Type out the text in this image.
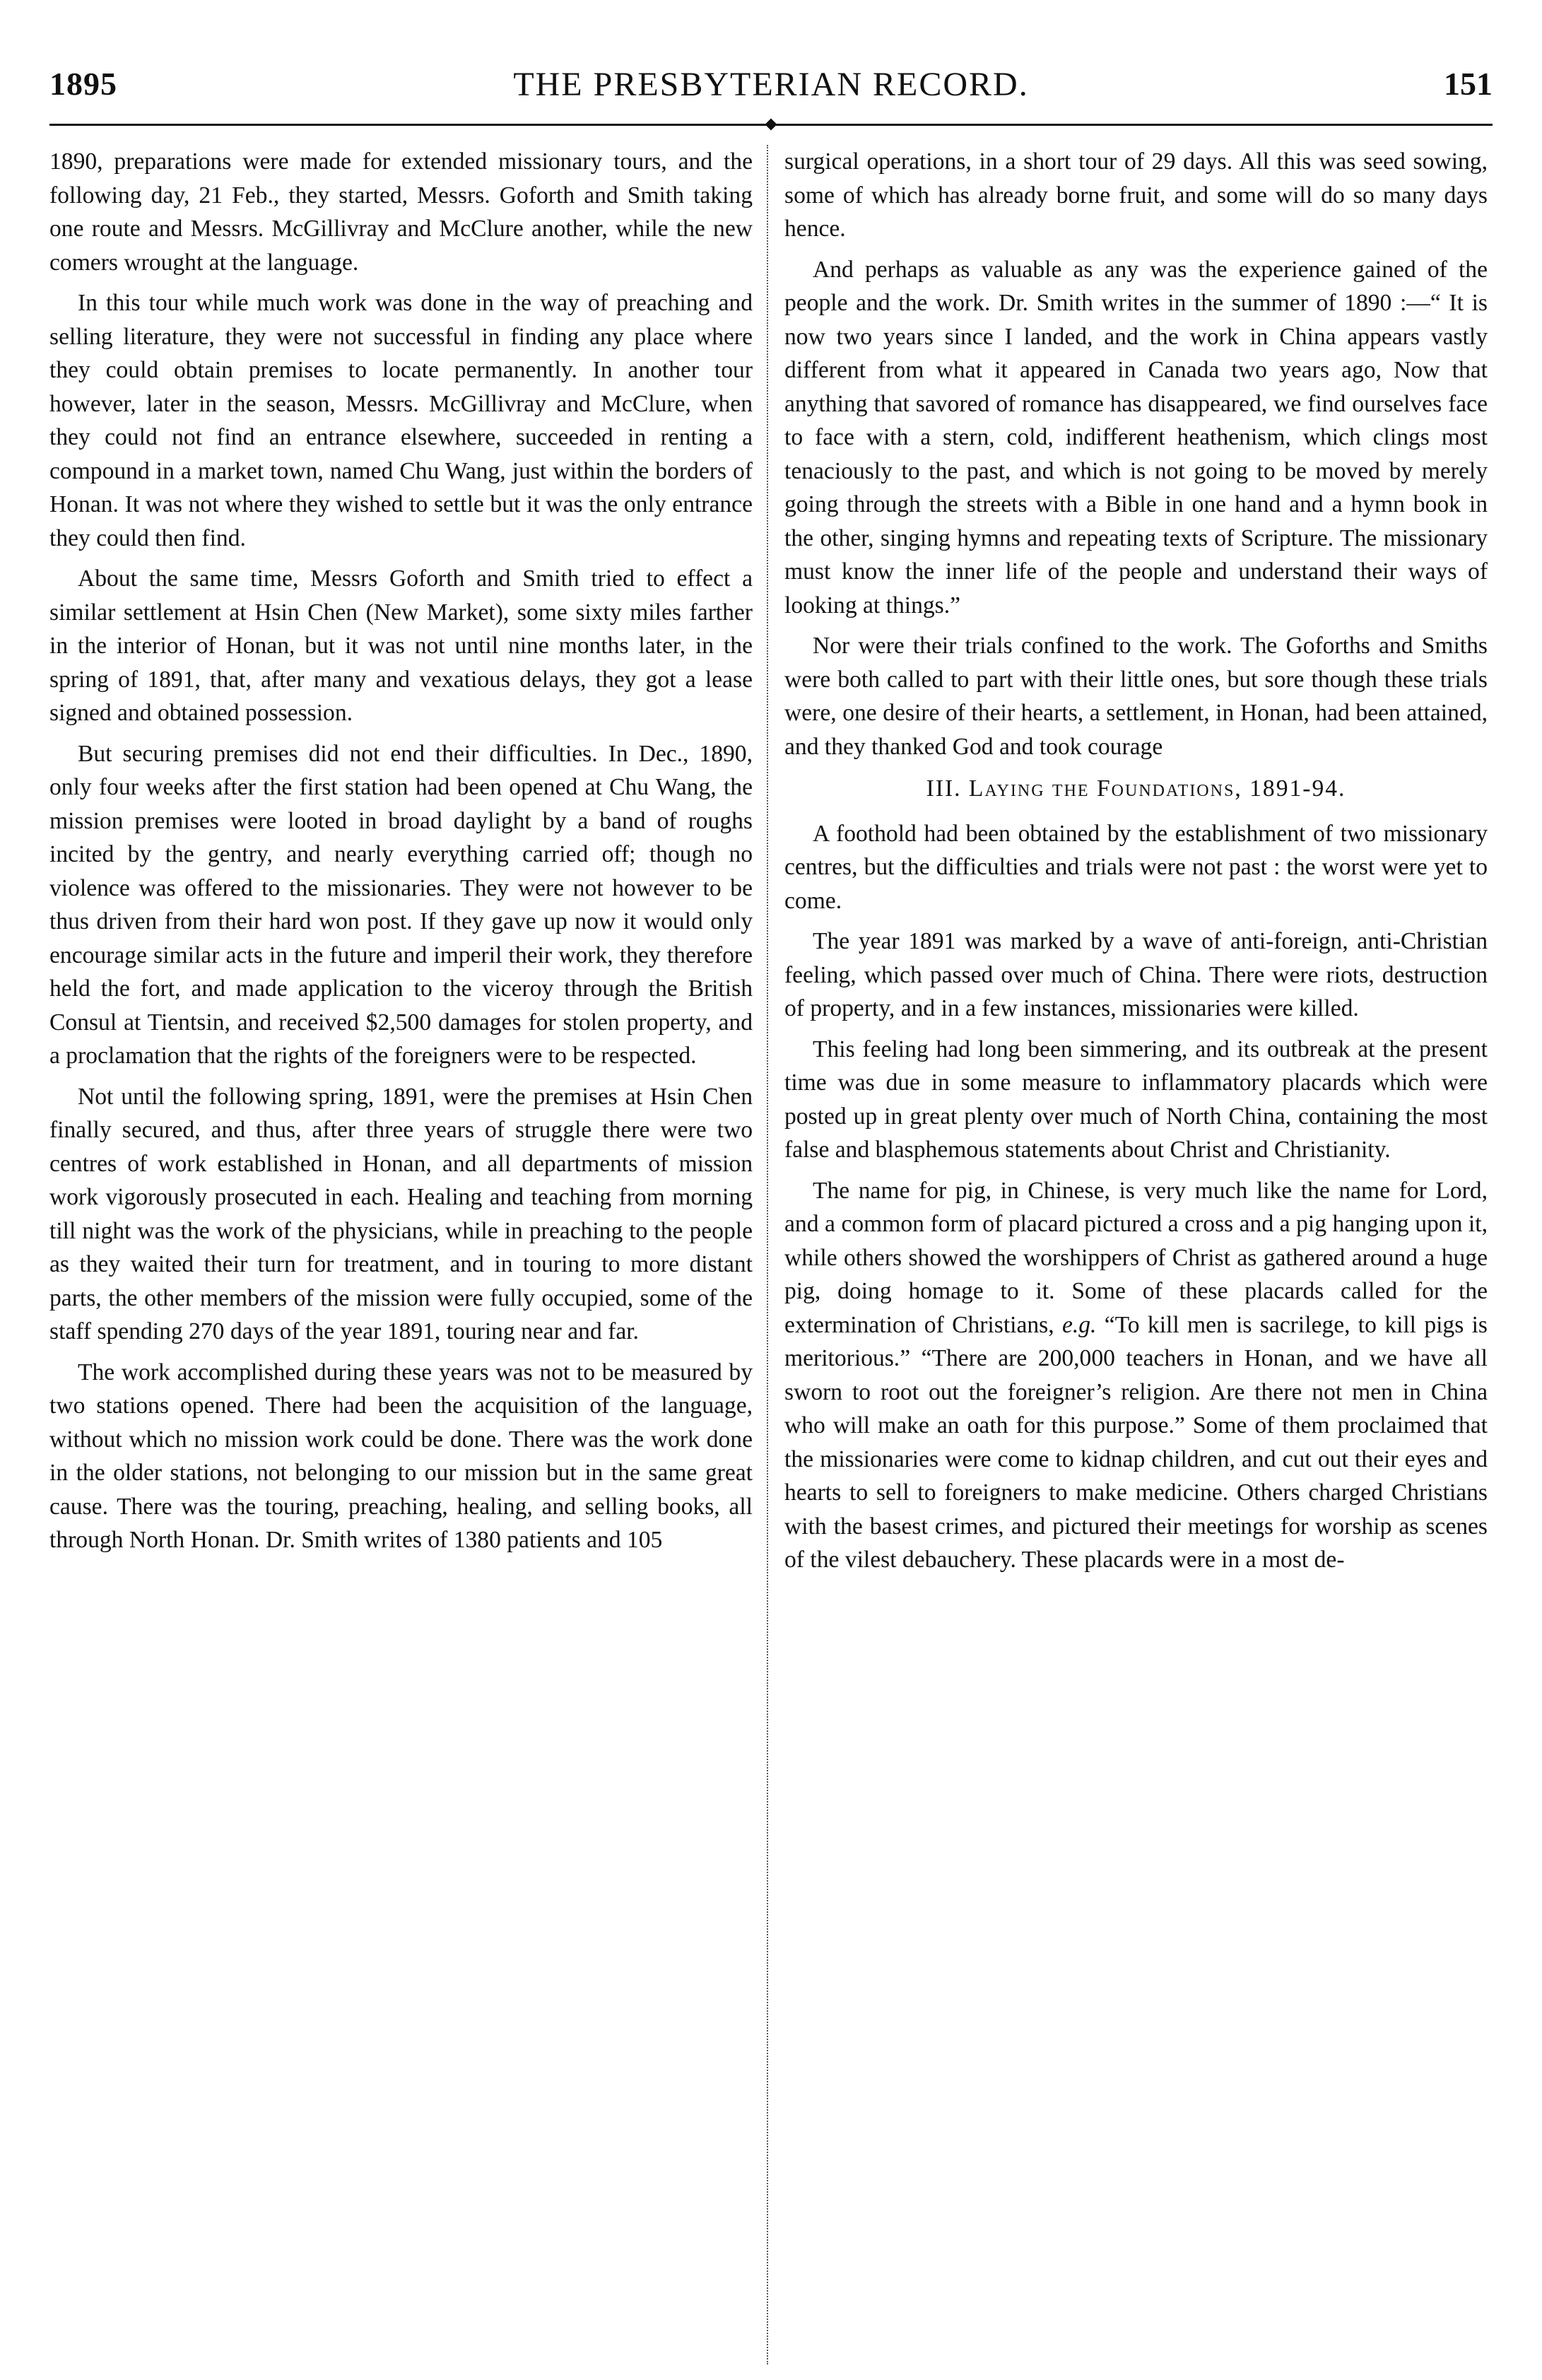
1895	THE PRESBYTERIAN RECORD.	151

1890, preparations were made for extended missionary tours, and the following day, 21 Feb., they started, Messrs. Goforth and Smith taking one route and Messrs. McGillivray and McClure another, while the new comers wrought at the language.

In this tour while much work was done in the way of preaching and selling literature, they were not successful in finding any place where they could obtain premises to locate permanently. In another tour however, later in the season, Messrs. McGillivray and McClure, when they could not find an entrance elsewhere, succeeded in renting a compound in a market town, named Chu Wang, just within the borders of Honan. It was not where they wished to settle but it was the only entrance they could then find.

About the same time, Messrs Goforth and Smith tried to effect a similar settlement at Hsin Chen (New Market), some sixty miles farther in the interior of Honan, but it was not until nine months later, in the spring of 1891, that, after many and vexatious delays, they got a lease signed and obtained possession.

But securing premises did not end their difficulties. In Dec., 1890, only four weeks after the first station had been opened at Chu Wang, the mission premises were looted in broad daylight by a band of roughs incited by the gentry, and nearly everything carried off; though no violence was offered to the missionaries. They were not however to be thus driven from their hard won post. If they gave up now it would only encourage similar acts in the future and imperil their work, they therefore held the fort, and made application to the viceroy through the British Consul at Tientsin, and received $2,500 damages for stolen property, and a proclamation that the rights of the foreigners were to be respected.

Not until the following spring, 1891, were the premises at Hsin Chen finally secured, and thus, after three years of struggle there were two centres of work established in Honan, and all departments of mission work vigorously prosecuted in each. Healing and teaching from morning till night was the work of the physicians, while in preaching to the people as they waited their turn for treatment, and in touring to more distant parts, the other members of the mission were fully occupied, some of the staff spending 270 days of the year 1891, touring near and far.

The work accomplished during these years was not to be measured by two stations opened. There had been the acquisition of the language, without which no mission work could be done. There was the work done in the older stations, not belonging to our mission but in the same great cause. There was the touring, preaching, healing, and selling books, all through North Honan. Dr. Smith writes of 1380 patients and 105

surgical operations, in a short tour of 29 days. All this was seed sowing, some of which has already borne fruit, and some will do so many days hence.

And perhaps as valuable as any was the experience gained of the people and the work. Dr. Smith writes in the summer of 1890 :—“ It is now two years since I landed, and the work in China appears vastly different from what it appeared in Canada two years ago, Now that anything that savored of romance has disappeared, we find ourselves face to face with a stern, cold, indifferent heathenism, which clings most tenaciously to the past, and which is not going to be moved by merely going through the streets with a Bible in one hand and a hymn book in the other, singing hymns and repeating texts of Scripture. The missionary must know the inner life of the people and understand their ways of looking at things.”

Nor were their trials confined to the work. The Goforths and Smiths were both called to part with their little ones, but sore though these trials were, one desire of their hearts, a settlement, in Honan, had been attained, and they thanked God and took courage

III. Laying the Foundations, 1891-94.

A foothold had been obtained by the establishment of two missionary centres, but the difficulties and trials were not past : the worst were yet to come.

The year 1891 was marked by a wave of anti-foreign, anti-Christian feeling, which passed over much of China. There were riots, destruction of property, and in a few instances, missionaries were killed.

This feeling had long been simmering, and its outbreak at the present time was due in some measure to inflammatory placards which were posted up in great plenty over much of North China, containing the most false and blasphemous statements about Christ and Christianity.

The name for pig, in Chinese, is very much like the name for Lord, and a common form of placard pictured a cross and a pig hanging upon it, while others showed the worshippers of Christ as gathered around a huge pig, doing homage to it. Some of these placards called for the extermination of Christians, e.g. “To kill men is sacrilege, to kill pigs is meritorious.” “There are 200,000 teachers in Honan, and we have all sworn to root out the foreigner’s religion. Are there not men in China who will make an oath for this purpose.” Some of them proclaimed that the missionaries were come to kidnap children, and cut out their eyes and hearts to sell to foreigners to make medicine. Others charged Christians with the basest crimes, and pictured their meetings for worship as scenes of the vilest debauchery. These placards were in a most de-
